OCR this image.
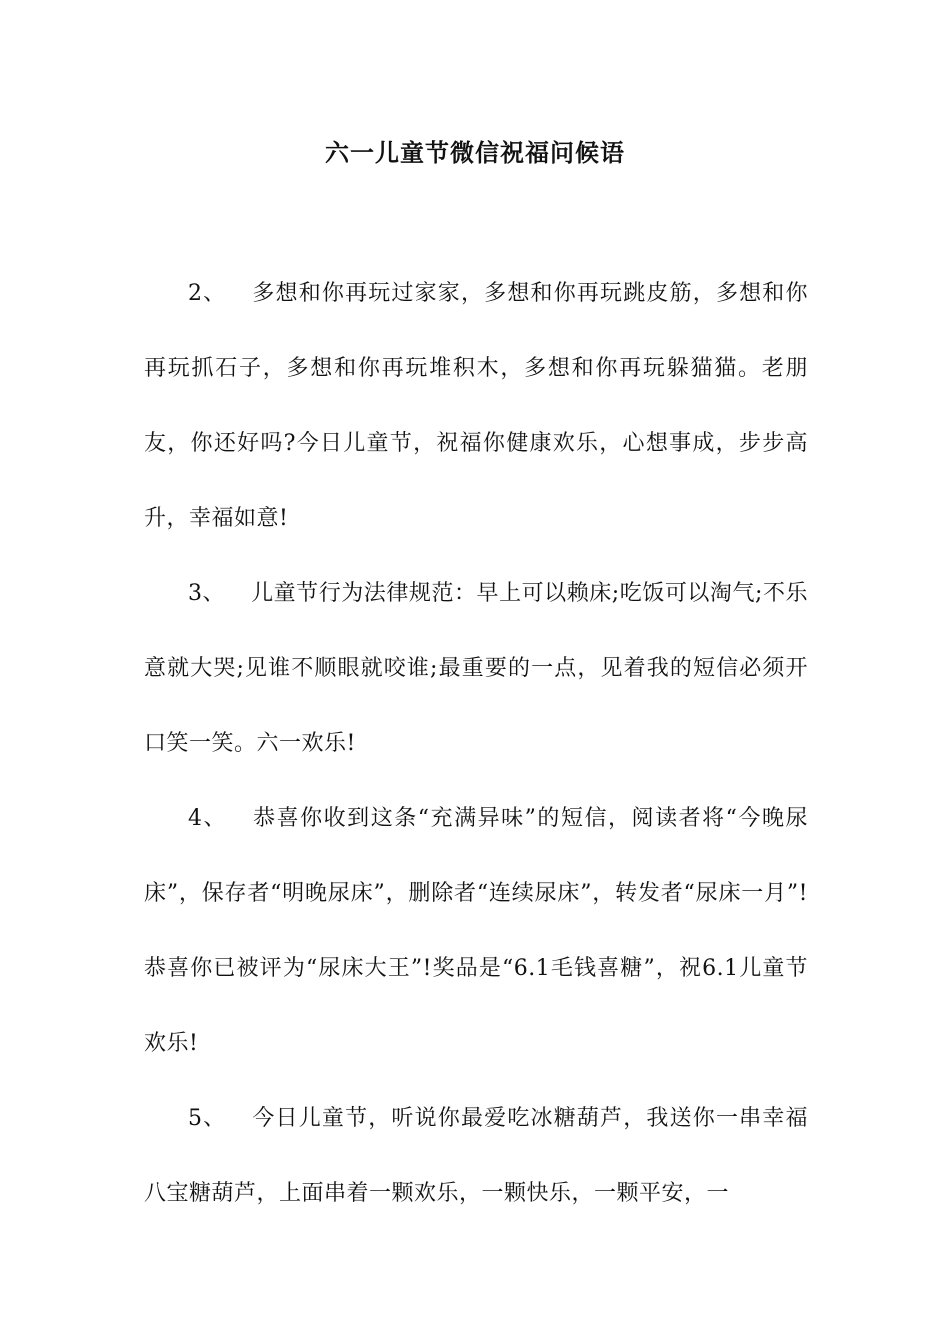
六一儿童节微信祝福问候语

2、 多想和你再玩过家家，多想和你再玩跳皮筋，多想和你再玩抓石子，多想和你再玩堆积木，多想和你再玩躲猫猫。老朋友，你还好吗?今日儿童节，祝福你健康欢乐，心想事成，步步高升，幸福如意!

3、 儿童节行为法律规范：早上可以赖床;吃饭可以淘气;不乐意就大哭;见谁不顺眼就咬谁;最重要的一点，见着我的短信必须开口笑一笑。六一欢乐!

4、 恭喜你收到这条“充满异味”的短信，阅读者将“今晚尿床”，保存者“明晚尿床”，删除者“连续尿床”，转发者“尿床一月”!恭喜你已被评为“尿床大王”!奖品是“6.1毛钱喜糖”，祝6.1儿童节欢乐!

5、 今日儿童节，听说你最爱吃冰糖葫芦，我送你一串幸福八宝糖葫芦，上面串着一颗欢乐，一颗快乐，一颗平安，一
